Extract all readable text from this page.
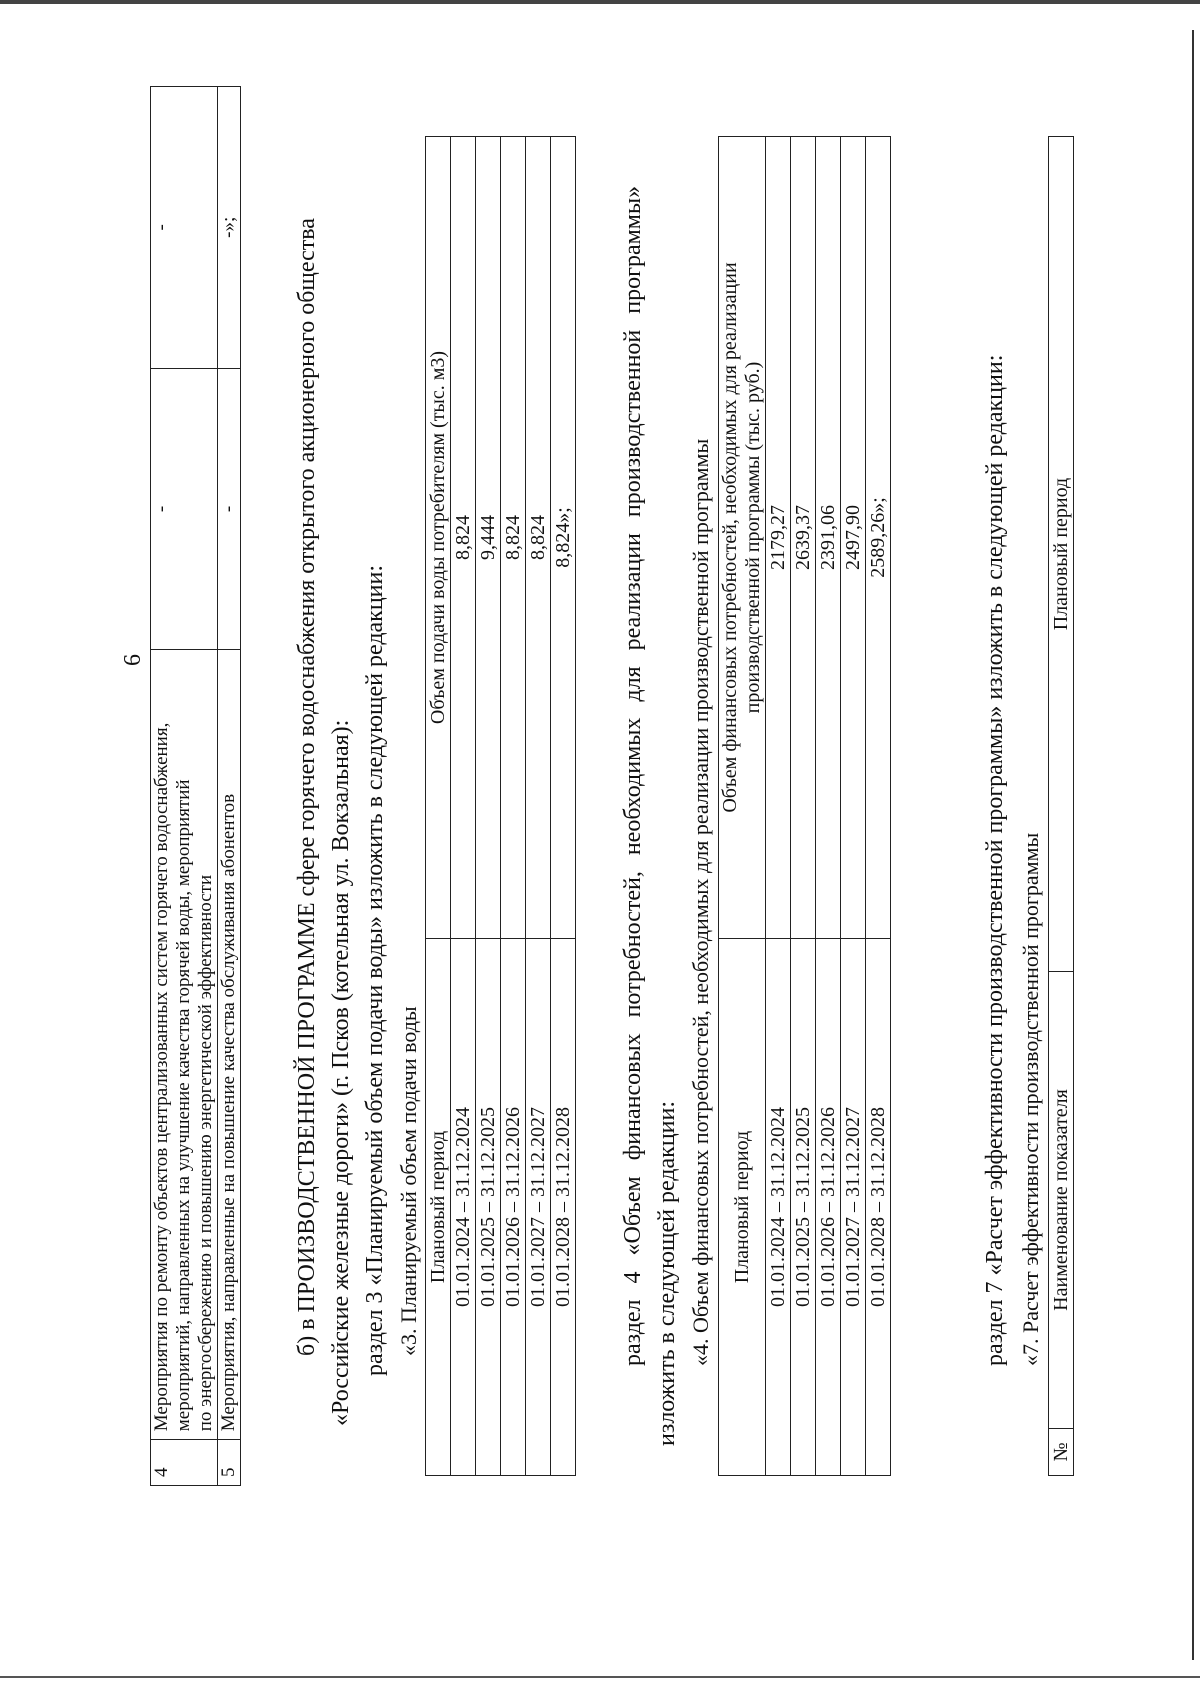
6
4	Мероприятия по ремонту объектов централизованных систем горячего водоснабжения, мероприятий, направленных на улучшение качества горячей воды, мероприятий по энергосбережению и повышению энергетической эффективности	-	-
5	Мероприятия, направленные на повышение качества обслуживания абонентов	-	-»; б) в ПРОИЗВОДСТВЕННОЙ ПРОГРАММЕ сфере горячего водоснабжения открытого акционерного общества «Российские железные дороги» (г. Псков (котельная ул. Вокзальная): раздел 3 «Планируемый объем подачи воды» изложить в следующей редакции: «3. Планируемый объем подачи воды Плановый период	Объем подачи воды потребителям (тыс. м3)
01.01.2024 – 31.12.2024	8,824
01.01.2025 – 31.12.2025	9,444
01.01.2026 – 31.12.2026	8,824
01.01.2027 – 31.12.2027	8,824
01.01.2028 – 31.12.2028	8,824»; раздел 4 «Объем финансовых потребностей, необходимых для реализации производственной программы» изложить в следующей редакции: «4. Объем финансовых потребностей, необходимых для реализации производственной программы Плановый период	Объем финансовых потребностей, необходимых для реализации производственной программы (тыс. руб.)

01.01.2024 – 31.12.2024	2179,27
01.01.2025 – 31.12.2025	2639,37
01.01.2026 – 31.12.2026	2391,06
01.01.2027 – 31.12.2027	2497,90
01.01.2028 – 31.12.2028	2589,26»;	раздел 7 «Расчет эффективности производственной программы» изложить в следующей редакции: «7. Расчет эффективности производственной программы
№	Наименование показателя	Плановый период
